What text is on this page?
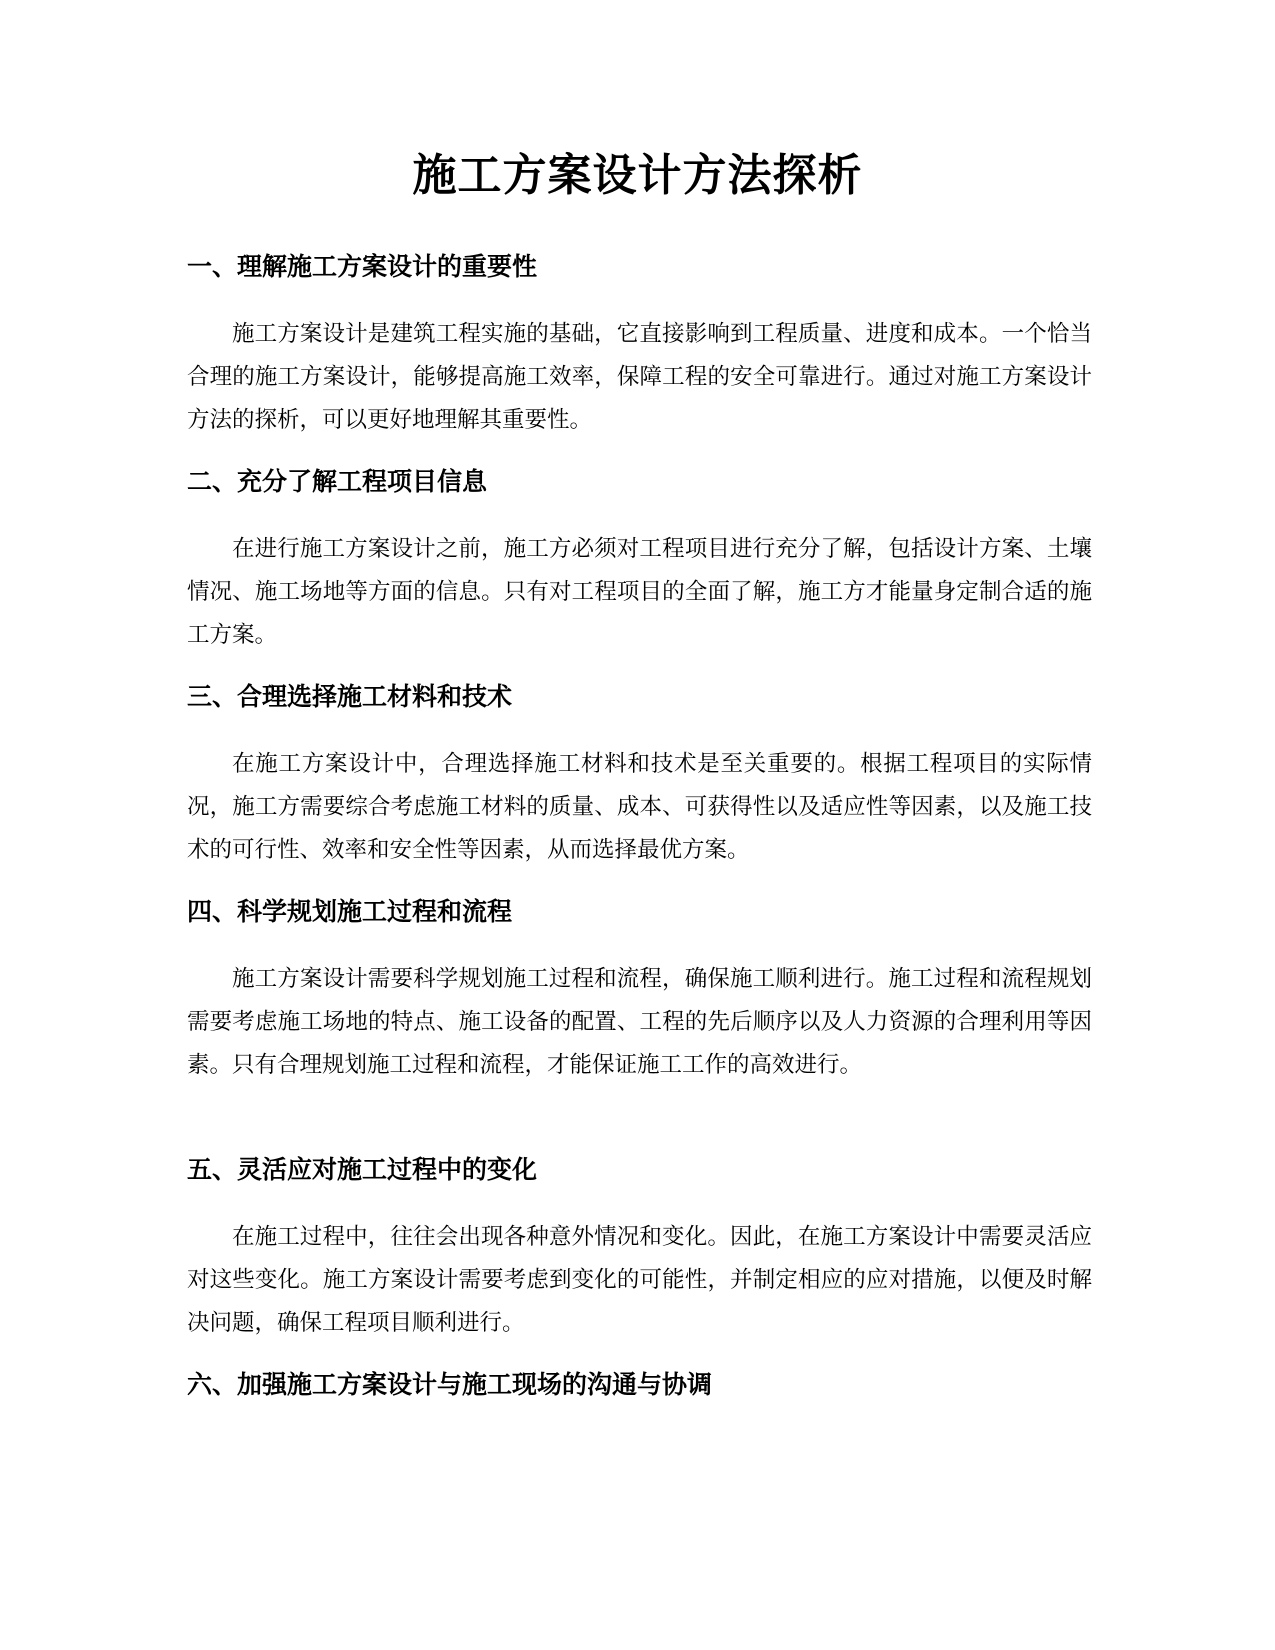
施工方案设计方法探析
一、理解施工方案设计的重要性

施工方案设计是建筑工程实施的基础，它直接影响到工程质量、进度和成本。一个恰当合理的施工方案设计，能够提高施工效率，保障工程的安全可靠进行。通过对施工方案设计方法的探析，可以更好地理解其重要性。

二、充分了解工程项目信息

在进行施工方案设计之前，施工方必须对工程项目进行充分了解，包括设计方案、土壤情况、施工场地等方面的信息。只有对工程项目的全面了解，施工方才能量身定制合适的施工方案。

三、合理选择施工材料和技术

在施工方案设计中，合理选择施工材料和技术是至关重要的。根据工程项目的实际情况，施工方需要综合考虑施工材料的质量、成本、可获得性以及适应性等因素，以及施工技术的可行性、效率和安全性等因素，从而选择最优方案。

四、科学规划施工过程和流程

施工方案设计需要科学规划施工过程和流程，确保施工顺利进行。施工过程和流程规划需要考虑施工场地的特点、施工设备的配置、工程的先后顺序以及人力资源的合理利用等因素。只有合理规划施工过程和流程，才能保证施工工作的高效进行。

五、灵活应对施工过程中的变化

在施工过程中，往往会出现各种意外情况和变化。因此，在施工方案设计中需要灵活应对这些变化。施工方案设计需要考虑到变化的可能性，并制定相应的应对措施，以便及时解决问题，确保工程项目顺利进行。

六、加强施工方案设计与施工现场的沟通与协调
